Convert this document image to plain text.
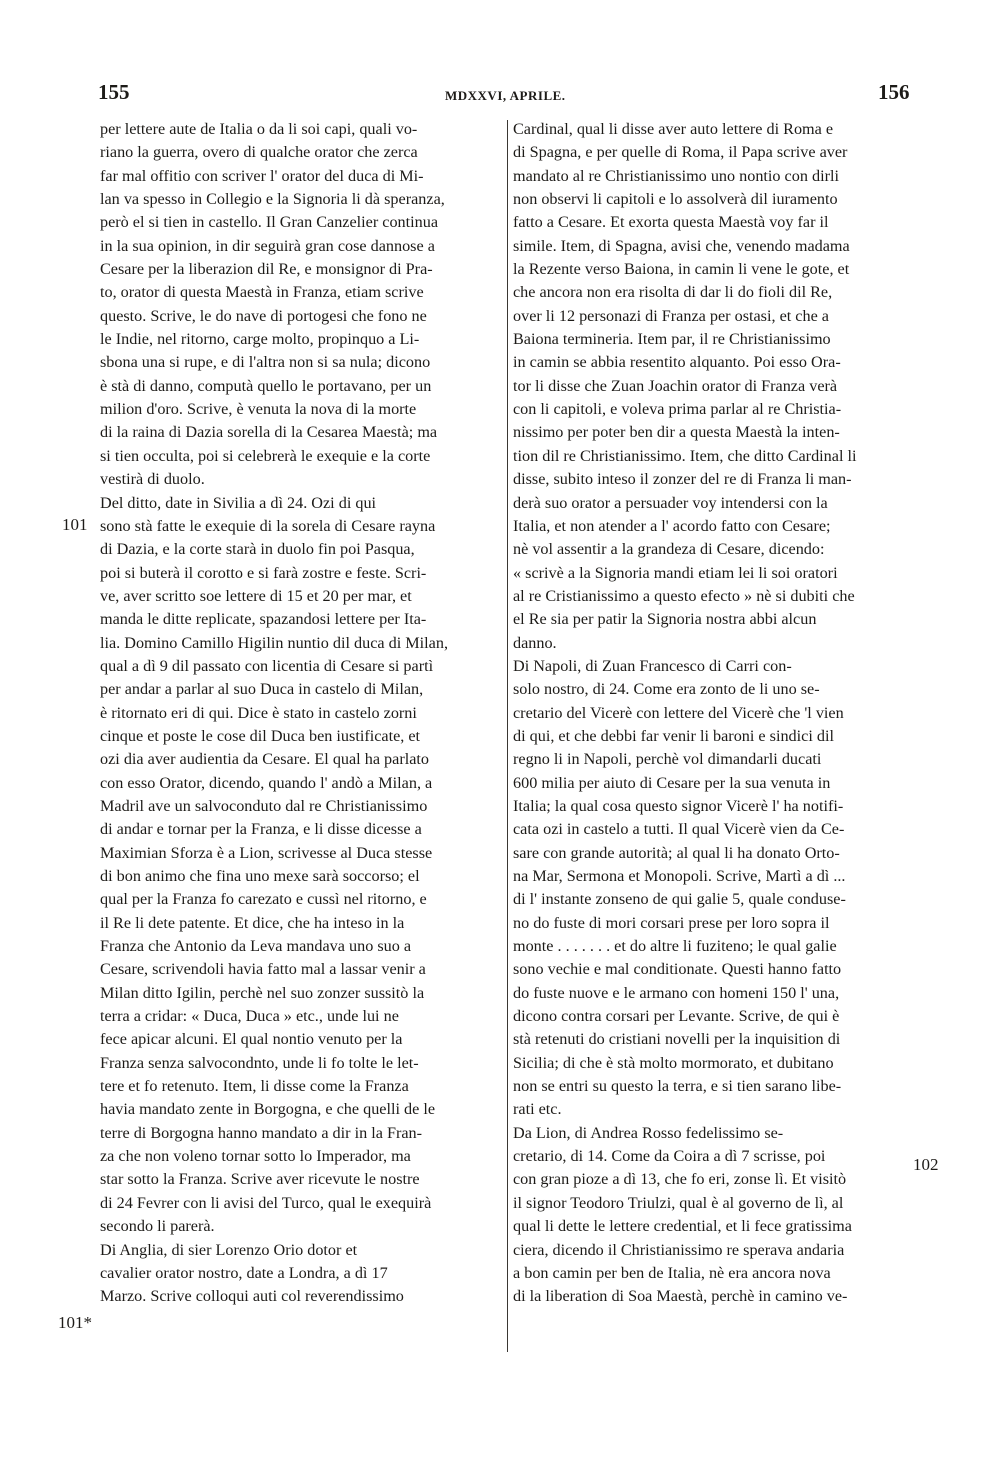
155	MDXXVI, APRILE.	156
per lettere aute de Italia o da li soi capi, quali vo-
riano la guerra, overo di qualche orator che zerca
far mal offitio con scriver l' orator del duca di Mi-
lan va spesso in Collegio e la Signoria li dà speranza,
però el si tien in castello. Il Gran Canzelier continua
in la sua opinion, in dir seguirà gran cose dannose a
Cesare per la liberazion dil Re, e monsignor di Pra-
to, orator di questa Maestà in Franza, etiam scrive
questo. Scrive, le do nave di portogesi che fono ne
le Indie, nel ritorno, carge molto, propinquo a Li-
sbona una si rupe, e di l'altra non si sa nula; dicono
è stà di danno, computà quello le portavano, per un
milion d'oro. Scrive, è venuta la nova di la morte
di la raina di Dazia sorella di la Cesarea Maestà; ma
si tien occulta, poi si celebrerà le exequie e la corte
vestirà di duolo.
Del ditto, date in Sivilia a dì 24. Ozi di qui
sono stà fatte le exequie di la sorela di Cesare rayna
di Dazia, e la corte starà in duolo fin poi Pasqua,
poi si buterà il corotto e si farà zostre e feste. Scri-
ve, aver scritto soe lettere di 15 et 20 per mar, et
manda le ditte replicate, spazandosi lettere per Ita-
lia. Domino Camillo Higilin nuntio dil duca di Milan,
qual a dì 9 dil passato con licentia di Cesare si partì
per andar a parlar al suo Duca in castelo di Milan,
è ritornato eri di qui. Dice è stato in castelo zorni
cinque et poste le cose dil Duca ben iustificate, et
ozi dia aver audientia da Cesare. El qual ha parlato
con esso Orator, dicendo, quando l' andò a Milan, a
Madril ave un salvoconduto dal re Christianissimo
di andar e tornar per la Franza, e li disse dicesse a
Maximian Sforza è a Lion, scrivesse al Duca stesse
di bon animo che fina uno mexe sarà soccorso; el
qual per la Franza fo carezato e cussì nel ritorno, e
il Re li dete patente. Et dice, che ha inteso in la
Franza che Antonio da Leva mandava uno suo a
Cesare, scrivendoli havia fatto mal a lassar venir a
Milan ditto Igilin, perchè nel suo zonzer sussitò la
terra a cridar: « Duca, Duca » etc., unde lui ne
fece apicar alcuni. El qual nontio venuto per la
Franza senza salvocondnto, unde li fo tolte le let-
tere et fo retenuto. Item, li disse come la Franza
havia mandato zente in Borgogna, e che quelli de le
terre di Borgogna hanno mandato a dir in la Fran-
za che non voleno tornar sotto lo Imperador, ma
star sotto la Franza. Scrive aver ricevute le nostre
di 24 Fevrer con li avisi del Turco, qual le exequirà
secondo li parerà.
Di Anglia, di sier Lorenzo Orio dotor et
cavalier orator nostro, date a Londra, a dì 17
Marzo. Scrive colloqui auti col reverendissimo
Cardinal, qual li disse aver auto lettere di Roma e
di Spagna, e per quelle di Roma, il Papa scrive aver
mandato al re Christianissimo uno nontio con dirli
non observi li capitoli e lo assolverà dil iuramento
fatto a Cesare. Et exorta questa Maestà voy far il
simile. Item, di Spagna, avisi che, venendo madama
la Rezente verso Baiona, in camin li vene le gote, et
che ancora non era risolta di dar li do fioli dil Re,
over li 12 personazi di Franza per ostasi, et che a
Baiona termineria. Item par, il re Christianissimo
in camin se abbia resentito alquanto. Poi esso Ora-
tor li disse che Zuan Joachin orator di Franza verà
con li capitoli, e voleva prima parlar al re Christia-
nissimo per poter ben dir a questa Maestà la inten-
tion dil re Christianissimo. Item, che ditto Cardinal li
disse, subito inteso il zonzer del re di Franza li man-
derà suo orator a persuader voy intendersi con la
Italia, et non atender a l' acordo fatto con Cesare;
nè vol assentir a la grandeza di Cesare, dicendo:
« scrivè a la Signoria mandi etiam lei li soi oratori
al re Cristianissimo a questo efecto » nè si dubiti che
el Re sia per patir la Signoria nostra abbi alcun
danno.
Di Napoli, di Zuan Francesco di Carri con-
solo nostro, di 24. Come era zonto de li uno se-
cretario del Vicerè con lettere del Vicerè che 'l vien
di qui, et che debbi far venir li baroni e sindici dil
regno li in Napoli, perchè vol dimandarli ducati
600 milia per aiuto di Cesare per la sua venuta in
Italia; la qual cosa questo signor Vicerè l' ha notifi-
cata ozi in castelo a tutti. Il qual Vicerè vien da Ce-
sare con grande autorità; al qual li ha donato Orto-
na Mar, Sermona et Monopoli. Scrive, Martì a dì ...
di l' instante zonseno de qui galie 5, quale conduse-
no do fuste di mori corsari prese per loro sopra il
monte . . . . . . . et do altre li fuziteno; le qual galie
sono vechie e mal conditionate. Questi hanno fatto
do fuste nuove e le armano con homeni 150 l' una,
dicono contra corsari per Levante. Scrive, de qui è
stà retenuti do cristiani novelli per la inquisition di
Sicilia; di che è stà molto mormorato, et dubitano
non se entri su questo la terra, e si tien sarano libe-
rati etc.
Da Lion, di Andrea Rosso fedelissimo se-
cretario, di 14. Come da Coira a dì 7 scrisse, poi
con gran pioze a dì 13, che fo eri, zonse lì. Et visitò
il signor Teodoro Triulzi, qual è al governo de lì, al
qual li dette le lettere credential, et li fece gratissima
ciera, dicendo il Christianissimo re sperava andaria
a bon camin per ben de Italia, nè era ancora nova
di la liberation di Soa Maestà, perchè in camino ve-
101
101*
102
